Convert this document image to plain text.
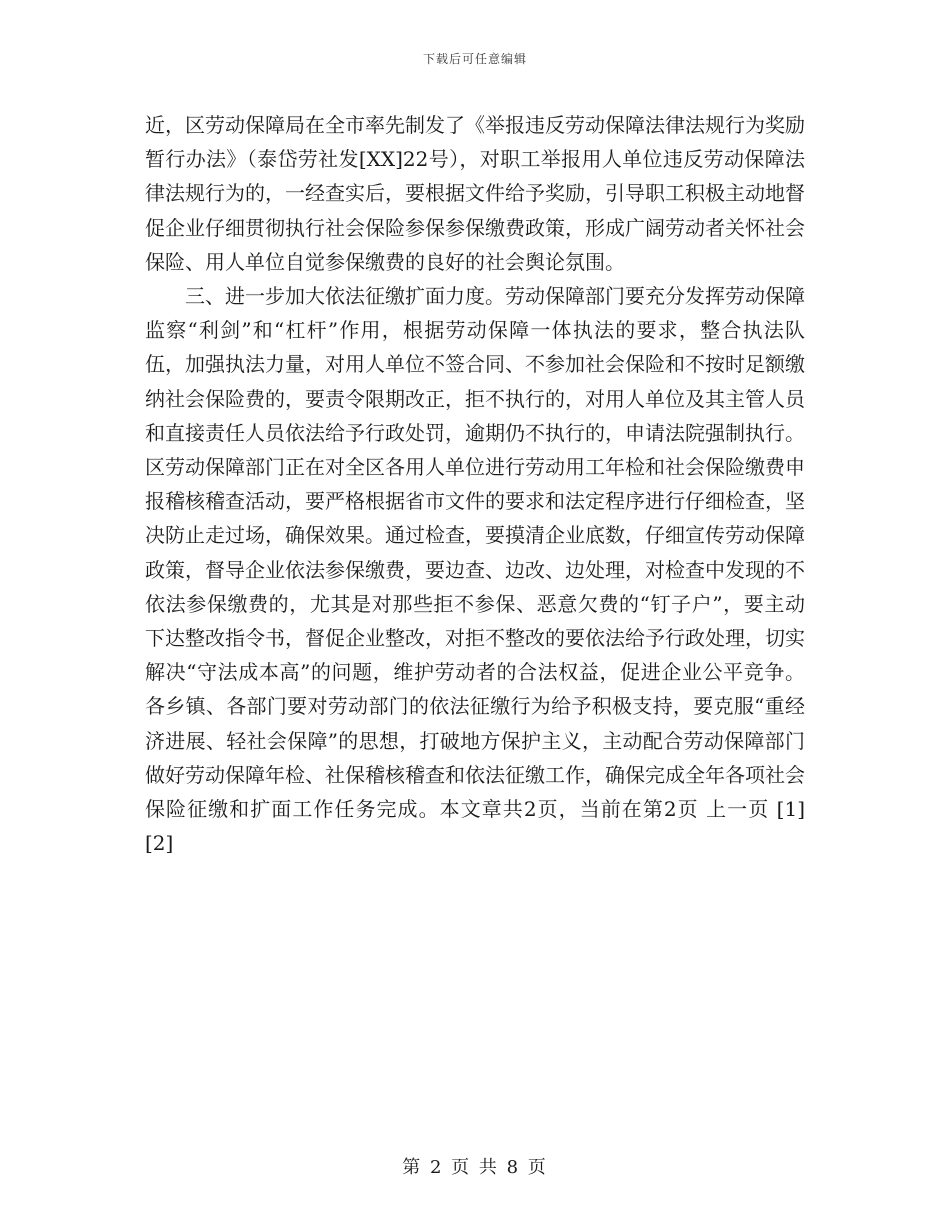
下载后可任意编辑

近，区劳动保障局在全市率先制发了《举报违反劳动保障法律法规行为奖励暂行办法》（泰岱劳社发[XX]22号），对职工举报用人单位违反劳动保障法律法规行为的，一经查实后，要根据文件给予奖励，引导职工积极主动地督促企业仔细贯彻执行社会保险参保参保缴费政策，形成广阔劳动者关怀社会保险、用人单位自觉参保缴费的良好的社会舆论氛围。

三、进一步加大依法征缴扩面力度。劳动保障部门要充分发挥劳动保障监察“利剑”和“杠杆”作用，根据劳动保障一体执法的要求，整合执法队伍，加强执法力量，对用人单位不签合同、不参加社会保险和不按时足额缴纳社会保险费的，要责令限期改正，拒不执行的，对用人单位及其主管人员和直接责任人员依法给予行政处罚，逾期仍不执行的，申请法院强制执行。区劳动保障部门正在对全区各用人单位进行劳动用工年检和社会保险缴费申报稽核稽查活动，要严格根据省市文件的要求和法定程序进行仔细检查，坚决防止走过场，确保效果。通过检查，要摸清企业底数，仔细宣传劳动保障政策，督导企业依法参保缴费，要边查、边改、边处理，对检查中发现的不依法参保缴费的，尤其是对那些拒不参保、恶意欠费的“钉子户”，要主动下达整改指令书，督促企业整改，对拒不整改的要依法给予行政处理，切实解决“守法成本高”的问题，维护劳动者的合法权益，促进企业公平竞争。各乡镇、各部门要对劳动部门的依法征缴行为给予积极支持，要克服“重经济进展、轻社会保障”的思想，打破地方保护主义，主动配合劳动保障部门做好劳动保障年检、社保稽核稽查和依法征缴工作，确保完成全年各项社会保险征缴和扩面工作任务完成。本文章共2页，当前在第2页 上一页 [1] [2]

第 2 页 共 8 页
